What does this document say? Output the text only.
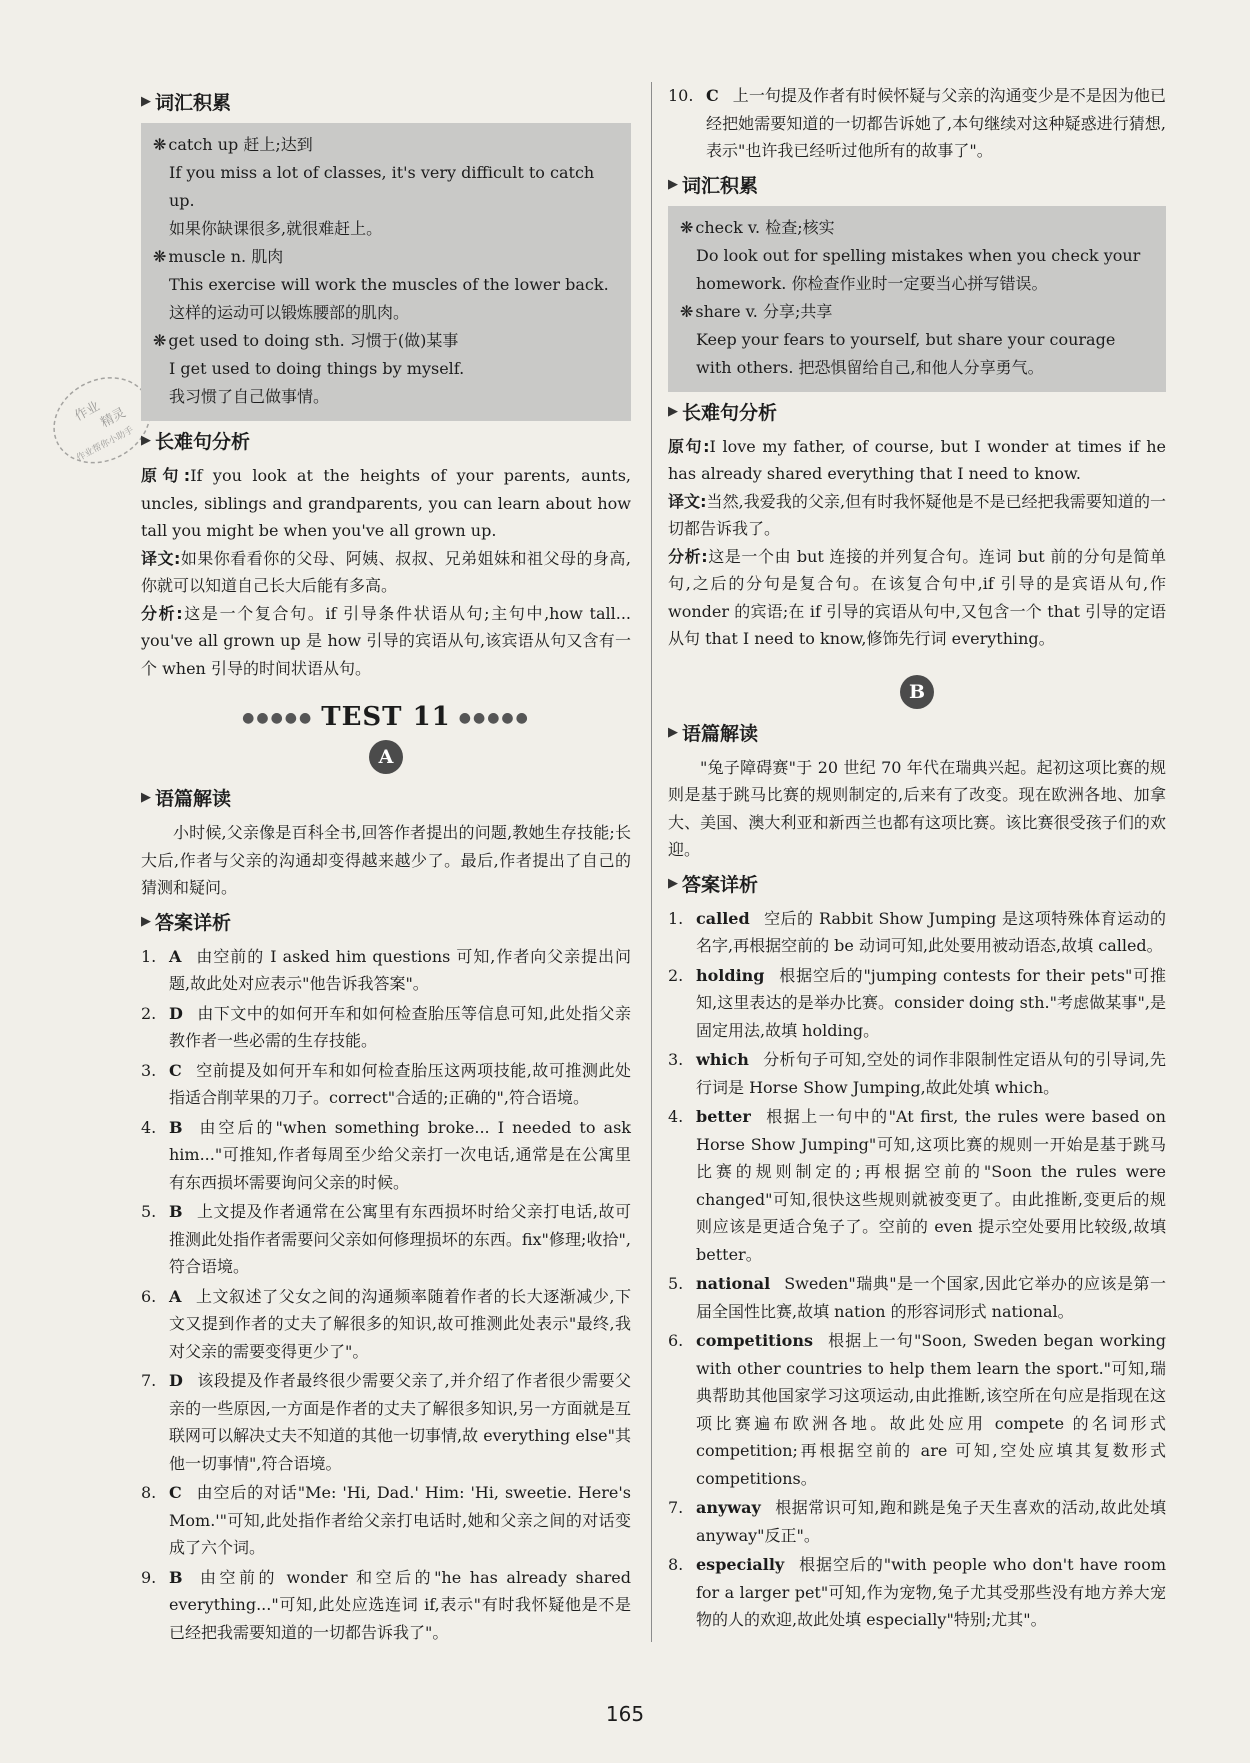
作业
精灵
作业帮你小助手
▶ 词汇积累
❋ catch up 赶上;达到
If you miss a lot of classes, it's very difficult to catch up.
如果你缺课很多,就很难赶上。
❋ muscle n. 肌肉
This exercise will work the muscles of the lower back.
这样的运动可以锻炼腰部的肌肉。
❋ get used to doing sth. 习惯于(做)某事
I get used to doing things by myself.
我习惯了自己做事情。
▶ 长难句分析

原句:If you look at the heights of your parents, aunts, uncles, siblings and grandparents, you can learn about how tall you might be when you've all grown up.

译文:如果你看看你的父母、阿姨、叔叔、兄弟姐妹和祖父母的身高,你就可以知道自己长大后能有多高。

分析:这是一个复合句。if 引导条件状语从句;主句中,how tall... you've all grown up 是 how 引导的宾语从句,该宾语从句又含有一个 when 引导的时间状语从句。

●●●●● TEST 11 ●●●●●
A
▶ 语篇解读

小时候,父亲像是百科全书,回答作者提出的问题,教她生存技能;长大后,作者与父亲的沟通却变得越来越少了。最后,作者提出了自己的猜测和疑问。

▶ 答案详析
1. A 由空前的 I asked him questions 可知,作者向父亲提出问题,故此处对应表示"他告诉我答案"。
2. D 由下文中的如何开车和如何检查胎压等信息可知,此处指父亲教作者一些必需的生存技能。
3. C 空前提及如何开车和如何检查胎压这两项技能,故可推测此处指适合削苹果的刀子。correct"合适的;正确的",符合语境。
4. B 由空后的"when something broke... I needed to ask him..."可推知,作者每周至少给父亲打一次电话,通常是在公寓里有东西损坏需要询问父亲的时候。
5. B 上文提及作者通常在公寓里有东西损坏时给父亲打电话,故可推测此处指作者需要问父亲如何修理损坏的东西。fix"修理;收拾",符合语境。
6. A 上文叙述了父女之间的沟通频率随着作者的长大逐渐减少,下文又提到作者的丈夫了解很多的知识,故可推测此处表示"最终,我对父亲的需要变得更少了"。
7. D 该段提及作者最终很少需要父亲了,并介绍了作者很少需要父亲的一些原因,一方面是作者的丈夫了解很多知识,另一方面就是互联网可以解决丈夫不知道的其他一切事情,故 everything else"其他一切事情",符合语境。
8. C 由空后的对话"Me: 'Hi, Dad.' Him: 'Hi, sweetie. Here's Mom.'"可知,此处指作者给父亲打电话时,她和父亲之间的对话变成了六个词。
9. B 由空前的 wonder 和空后的"he has already shared everything..."可知,此处应选连词 if,表示"有时我怀疑他是不是已经把我需要知道的一切都告诉我了"。
10. C 上一句提及作者有时候怀疑与父亲的沟通变少是不是因为他已经把她需要知道的一切都告诉她了,本句继续对这种疑惑进行猜想,表示"也许我已经听过他所有的故事了"。
▶ 词汇积累
❋ check v. 检查;核实
Do look out for spelling mistakes when you check your homework. 你检查作业时一定要当心拼写错误。
❋ share v. 分享;共享
Keep your fears to yourself, but share your courage with others. 把恐惧留给自己,和他人分享勇气。
▶ 长难句分析

原句:I love my father, of course, but I wonder at times if he has already shared everything that I need to know.

译文:当然,我爱我的父亲,但有时我怀疑他是不是已经把我需要知道的一切都告诉我了。

分析:这是一个由 but 连接的并列复合句。连词 but 前的分句是简单句,之后的分句是复合句。在该复合句中,if 引导的是宾语从句,作 wonder 的宾语;在 if 引导的宾语从句中,又包含一个 that 引导的定语从句 that I need to know,修饰先行词 everything。

B
▶ 语篇解读

"兔子障碍赛"于 20 世纪 70 年代在瑞典兴起。起初这项比赛的规则是基于跳马比赛的规则制定的,后来有了改变。现在欧洲各地、加拿大、美国、澳大利亚和新西兰也都有这项比赛。该比赛很受孩子们的欢迎。

▶ 答案详析
1. called 空后的 Rabbit Show Jumping 是这项特殊体育运动的名字,再根据空前的 be 动词可知,此处要用被动语态,故填 called。
2. holding 根据空后的"jumping contests for their pets"可推知,这里表达的是举办比赛。consider doing sth."考虑做某事",是固定用法,故填 holding。
3. which 分析句子可知,空处的词作非限制性定语从句的引导词,先行词是 Horse Show Jumping,故此处填 which。
4. better 根据上一句中的"At first, the rules were based on Horse Show Jumping"可知,这项比赛的规则一开始是基于跳马比赛的规则制定的;再根据空前的"Soon the rules were changed"可知,很快这些规则就被变更了。由此推断,变更后的规则应该是更适合兔子了。空前的 even 提示空处要用比较级,故填 better。
5. national Sweden"瑞典"是一个国家,因此它举办的应该是第一届全国性比赛,故填 nation 的形容词形式 national。
6. competitions 根据上一句"Soon, Sweden began working with other countries to help them learn the sport."可知,瑞典帮助其他国家学习这项运动,由此推断,该空所在句应是指现在这项比赛遍布欧洲各地。故此处应用 compete 的名词形式 competition;再根据空前的 are 可知,空处应填其复数形式 competitions。
7. anyway 根据常识可知,跑和跳是兔子天生喜欢的活动,故此处填 anyway"反正"。
8. especially 根据空后的"with people who don't have room for a larger pet"可知,作为宠物,兔子尤其受那些没有地方养大宠物的人的欢迎,故此处填 especially"特别;尤其"。
165
